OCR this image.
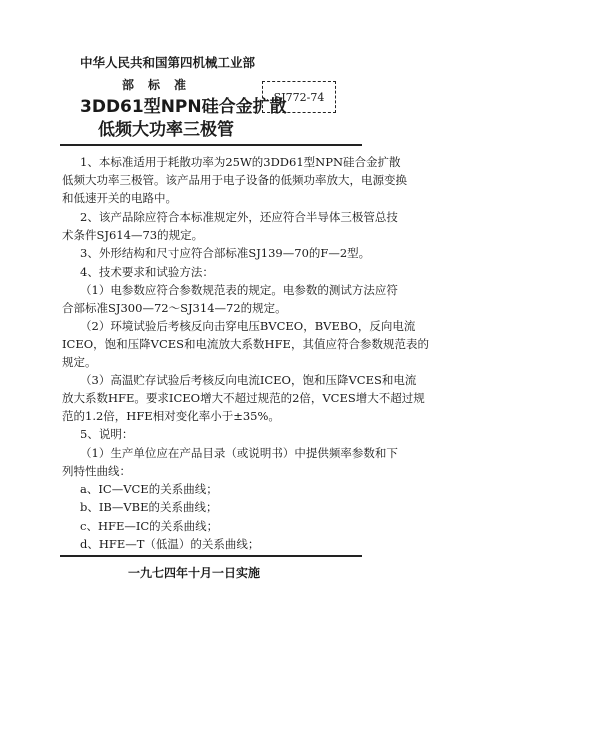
中华人民共和国第四机械工业部
部标准
3DD61型NPN硅合金扩散
低频大功率三极管
SJ772-74
1、本标准适用于耗散功率为25W的3DD61型NPN硅合金扩散
低频大功率三极管。该产品用于电子设备的低频功率放大，电源变换
和低速开关的电路中。
2、该产品除应符合本标准规定外，还应符合半导体三极管总技
术条件SJ614—73的规定。
3、外形结构和尺寸应符合部标准SJ139—70的F—2型。
4、技术要求和试验方法：
（1）电参数应符合参数规范表的规定。电参数的测试方法应符
合部标准SJ300—72～SJ314—72的规定。
（2）环境试验后考核反向击穿电压BVCEO，BVEBO，反向电流
ICEO，饱和压降VCES和电流放大系数HFE，其值应符合参数规范表的
规定。
（3）高温贮存试验后考核反向电流ICEO，饱和压降VCES和电流
放大系数HFE。要求ICEO增大不超过规范的2倍，VCES增大不超过规
范的1.2倍，HFE相对变化率小于±35%。
5、说明：
（1）生产单位应在产品目录（或说明书）中提供频率参数和下
列特性曲线：
a、IC—VCE的关系曲线；
b、IB—VBE的关系曲线；
c、HFE—IC的关系曲线；
d、HFE—T（低温）的关系曲线；
一九七四年十月一日实施
